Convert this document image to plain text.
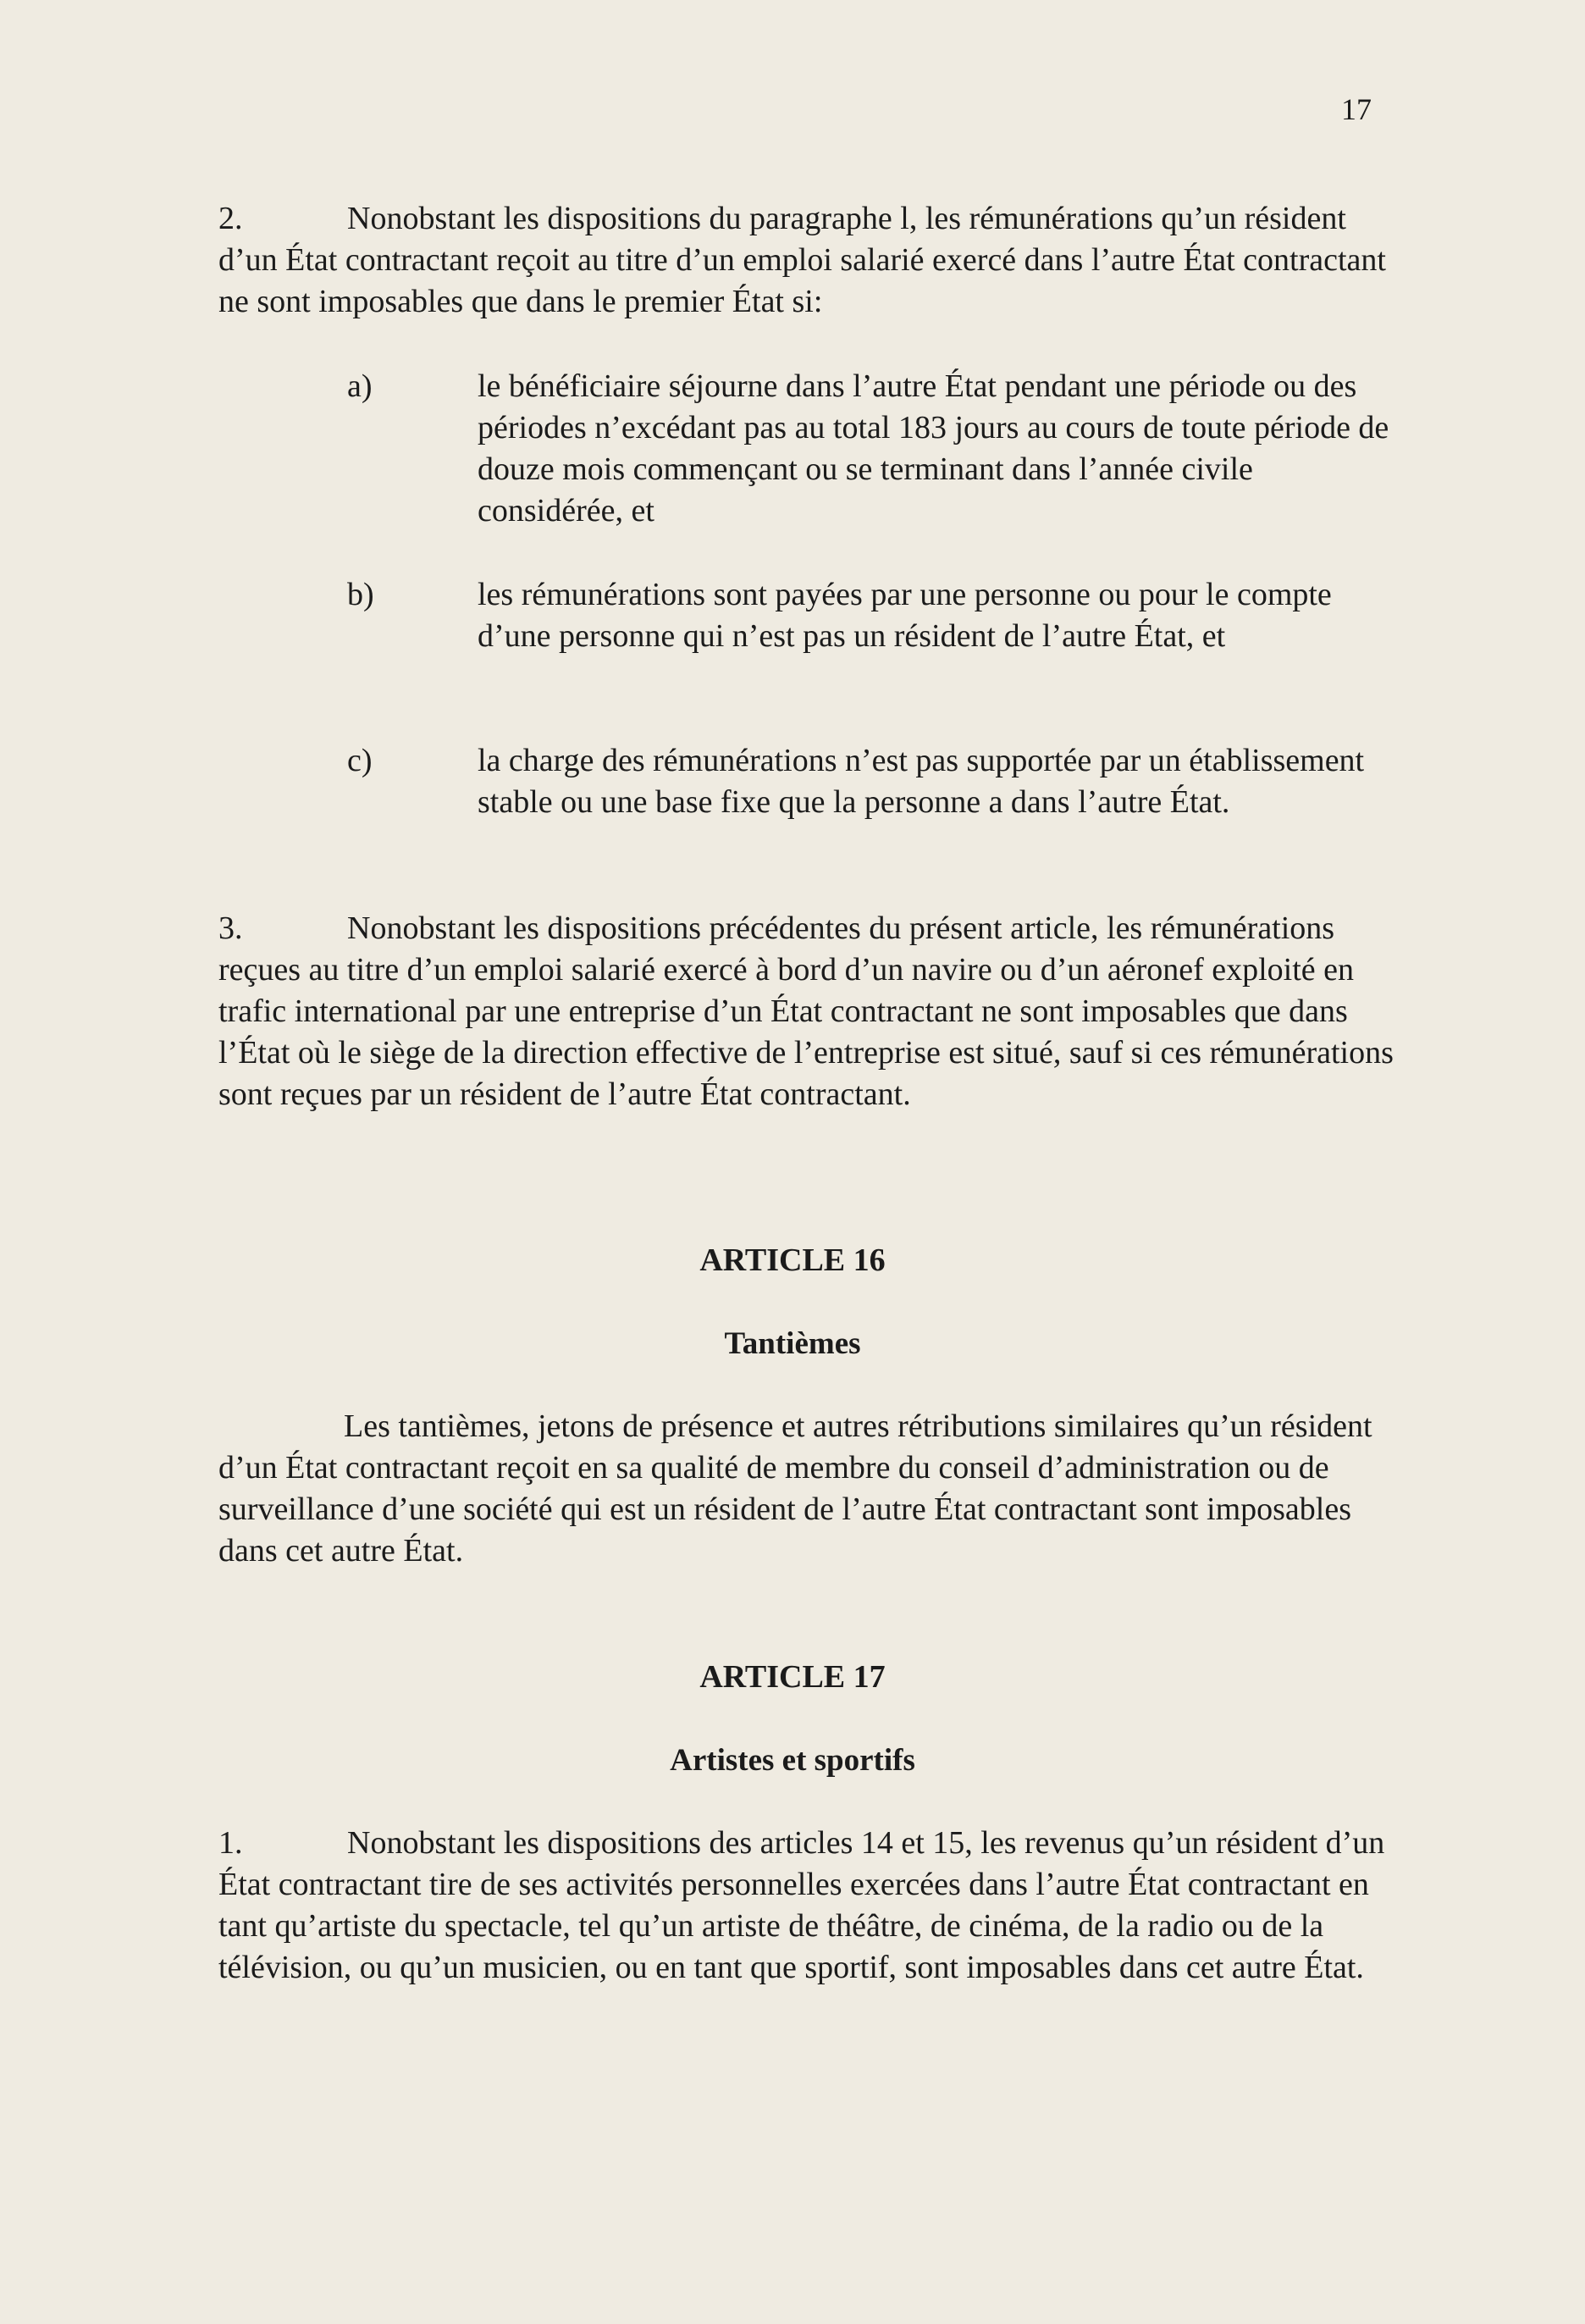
17

2.	Nonobstant les dispositions du paragraphe l, les rémunérations qu’un résident d’un État contractant reçoit au titre d’un emploi salarié exercé dans l’autre État contractant ne sont imposables que dans le premier État si:

a)	le bénéficiaire séjourne dans l’autre État pendant une période ou des périodes n’excédant pas au total 183 jours au cours de toute période de douze mois commençant ou se terminant dans l’année civile considérée, et
b)	les rémunérations sont payées par une personne ou pour le compte d’une personne qui n’est pas un résident de l’autre État, et
c)	la charge des rémunérations n’est pas supportée par un établissement stable ou une base fixe que la personne a dans l’autre État.

3.	Nonobstant les dispositions précédentes du présent article, les rémunérations reçues au titre d’un emploi salarié exercé à bord d’un navire ou d’un aéronef exploité en trafic international par une entreprise d’un État contractant ne sont imposables que dans l’État où le siège de la direction effective de l’entreprise est situé, sauf si ces rémunérations sont reçues par un résident de l’autre État contractant.

ARTICLE 16
Tantièmes

Les tantièmes, jetons de présence et autres rétributions similaires qu’un résident d’un État contractant reçoit en sa qualité de membre du conseil d’administration ou de surveillance d’une société qui est un résident de l’autre État contractant sont imposables dans cet autre État.

ARTICLE 17
Artistes et sportifs

1.	Nonobstant les dispositions des articles 14 et 15, les revenus qu’un résident d’un État contractant tire de ses activités personnelles exercées dans l’autre État contractant en tant qu’artiste du spectacle, tel qu’un artiste de théâtre, de cinéma, de la radio ou de la télévision, ou qu’un musicien, ou en tant que sportif, sont imposables dans cet autre État.
